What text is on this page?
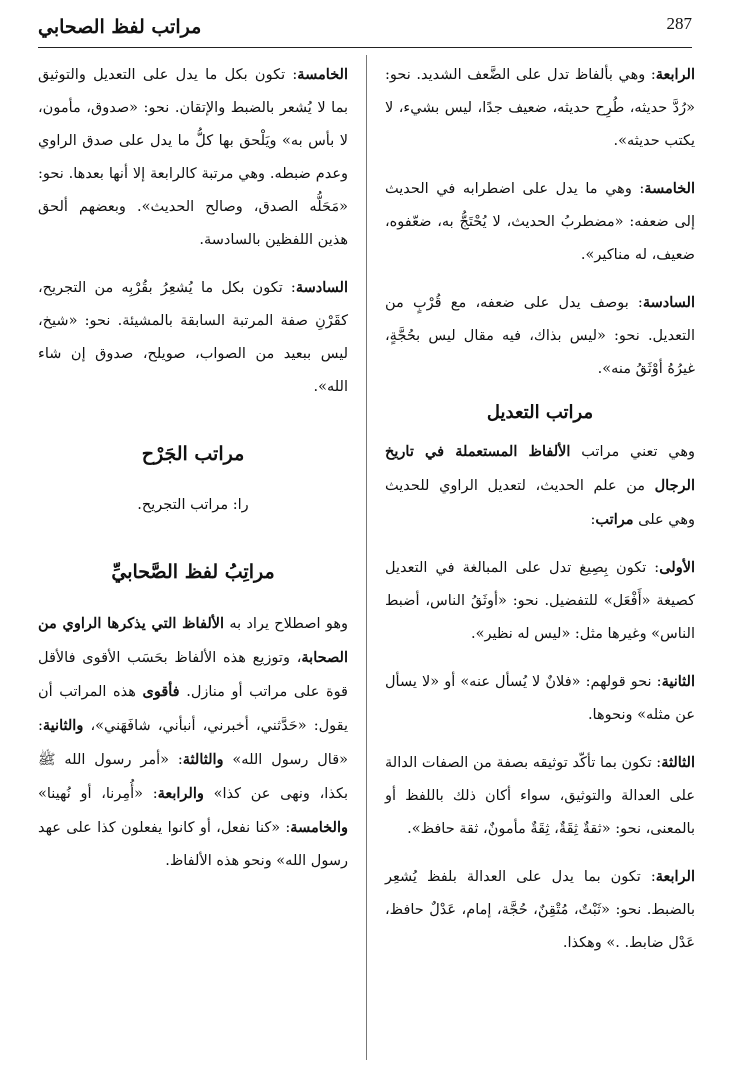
مراتب لفظ الصحابي	287

الرابعة: وهي بألفاظ تدل على الضَّعف الشديد. نحو: «رُدَّ حديثه، طُرِح حديثه، ضعيف جدًا، ليس بشيء، لا يكتب حديثه».

الخامسة: وهي ما يدل على اضطرابه في الحديث إلى ضعفه: «مضطربُ الحديث، لا يُحْتَجُّ به، ضعّفوه، ضعيف، له مناكير».

السادسة: بوصف يدل على ضعفه، مع قُرْبٍ من التعديل. نحو: «ليس بذاك، فيه مقال ليس بحُجَّةٍ، غيرُهُ أوْثَقُ منه».

مراتب التعديل

وهي تعني مراتب الألفاظ المستعملة في تاريخ الرجال من علم الحديث، لتعديل الراوي للحديث وهي على مراتب:

الأولى: تكون بِصِيغ تدل على المبالغة في التعديل كصيغة «أَفْعَل» للتفضيل. نحو: «أوثَقُ الناس، أضبط الناس» وغيرها مثل: «ليس له نظير».

الثانية: نحو قولهم: «فلانٌ لا يُسأل عنه» أو «لا يسأل عن مثله» ونحوها.

الثالثة: تكون بما تأكّد توثيقه بصفة من الصفات الدالة على العدالة والتوثيق، سواء أكان ذلك باللفظ أو بالمعنى، نحو: «ثقةٌ ثِقَةٌ، ثِقَةٌ مأمونٌ، ثقة حافظ».

الرابعة: تكون بما يدل على العدالة بلفظ يُشعِر بالضبط. نحو: «ثَبْتٌ، مُتْقِنٌ، حُجَّة، إمام، عَدْلٌ حافظ، عَدْل ضابط. .» وهكذا.

الخامسة: تكون بكل ما يدل على التعديل والتوثيق بما لا يُشعر بالضبط والإتقان. نحو: «صدوق، مأمون، لا بأس به» ويَلْحق بها كلُّ ما يدل على صدق الراوي وعدم ضبطه. وهي مرتبة كالرابعة إلا أنها بعدها. نحو: «مَحَلُّه الصدق، وصالح الحديث». وبعضهم ألحق هذين اللفظين بالسادسة.

السادسة: تكون بكل ما يُشعِرُ بقُرْبِه من التجريح، كقَرْنِ صفة المرتبة السابقة بالمشيئة. نحو: «شيخ، ليس ببعيد من الصواب، صويلح، صدوق إن شاء الله».

مراتب الجَرْح
را: مراتب التجريح.
مراتِبُ لفظ الصَّحابيِّ

وهو اصطلاح يراد به الألفاظ التي يذكرها الراوي من الصحابة، وتوزيع هذه الألفاظ بحَسَب الأقوى فالأقل قوة على مراتب أو منازل. فأقوى هذه المراتب أن يقول: «حَدَّثني، أخبرني، أنبأني، شافَهَني»، والثانية: «قال رسول الله» والثالثة: «أمر رسول الله ﷺ بكذا، ونهى عن كذا» والرابعة: «أُمِرنا، أو نُهينا» والخامسة: «كنا نفعل، أو كانوا يفعلون كذا على عهد رسول الله» ونحو هذه الألفاظ.
